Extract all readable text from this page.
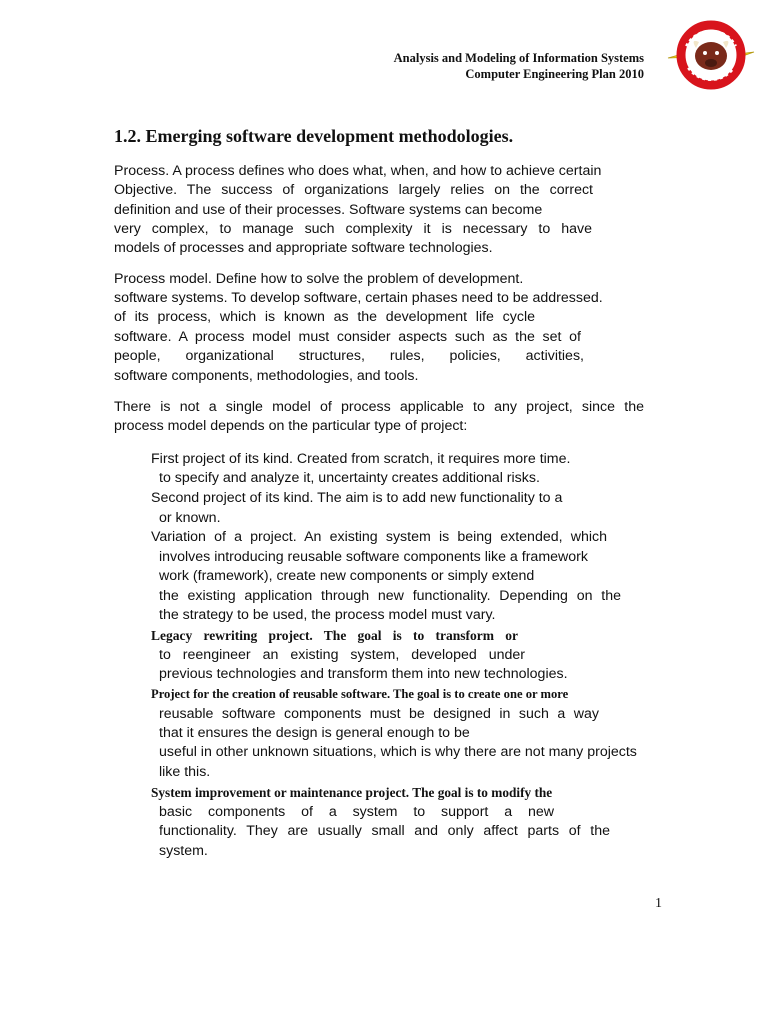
Analysis and Modeling of Information Systems
Computer Engineering Plan 2010
1.2. Emerging software development methodologies.
Process. A process defines who does what, when, and how to achieve certain
Objective. The success of organizations largely relies on the correct
definition and use of their processes. Software systems can become
very complex, to manage such complexity it is necessary to have
models of processes and appropriate software technologies.
Process model. Define how to solve the problem of development.
software systems. To develop software, certain phases need to be addressed.
of its process, which is known as the development life cycle
software. A process model must consider aspects such as the set of
people, organizational structures, rules, policies, activities,
software components, methodologies, and tools.
There is not a single model of process applicable to any project, since the
process model depends on the particular type of project:
First project of its kind. Created from scratch, it requires more time.
to specify and analyze it, uncertainty creates additional risks.
Second project of its kind. The aim is to add new functionality to a
or known.
Variation of a project. An existing system is being extended, which
involves introducing reusable software components like a framework
work (framework), create new components or simply extend
the existing application through new functionality. Depending on the
the strategy to be used, the process model must vary.
Legacy rewriting project. The goal is to transform or
to reengineer an existing system, developed under
previous technologies and transform them into new technologies.
Project for the creation of reusable software. The goal is to create one or more
reusable software components must be designed in such a way
that it ensures the design is general enough to be
useful in other unknown situations, which is why there are not many projects
like this.
System improvement or maintenance project. The goal is to modify the
basic components of a system to support a new
functionality. They are usually small and only affect parts of the
system.
1
